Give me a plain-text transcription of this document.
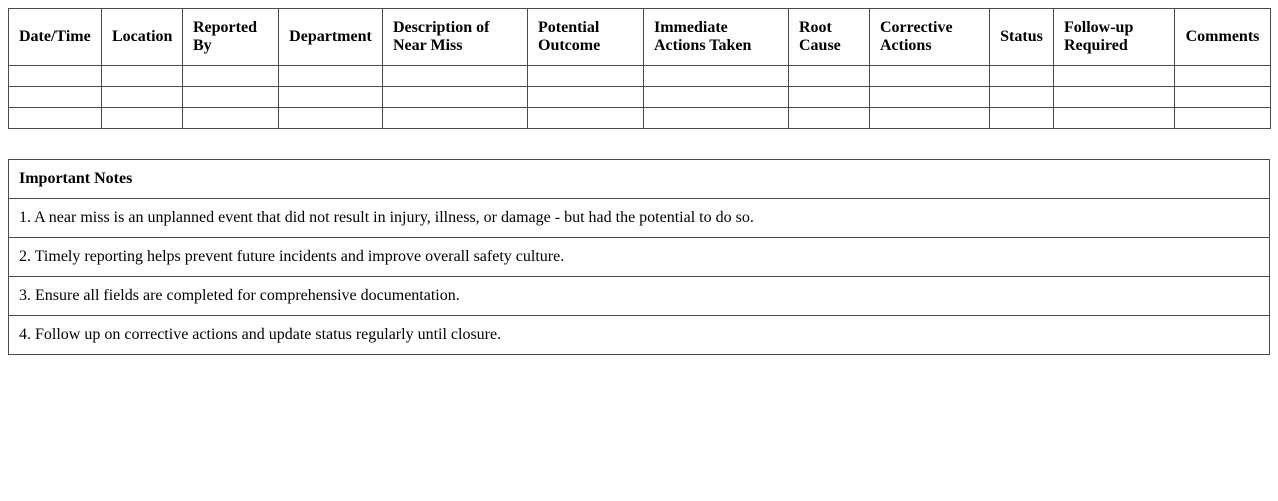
Date/Time	Location	Reported By	Department	Description of Near Miss	Potential Outcome	Immediate Actions Taken	Root Cause	Corrective Actions	Status	Follow-up Required	Comments

Important Notes
1. A near miss is an unplanned event that did not result in injury, illness, or damage - but had the potential to do so.
2. Timely reporting helps prevent future incidents and improve overall safety culture.
3. Ensure all fields are completed for comprehensive documentation.
4. Follow up on corrective actions and update status regularly until closure.
